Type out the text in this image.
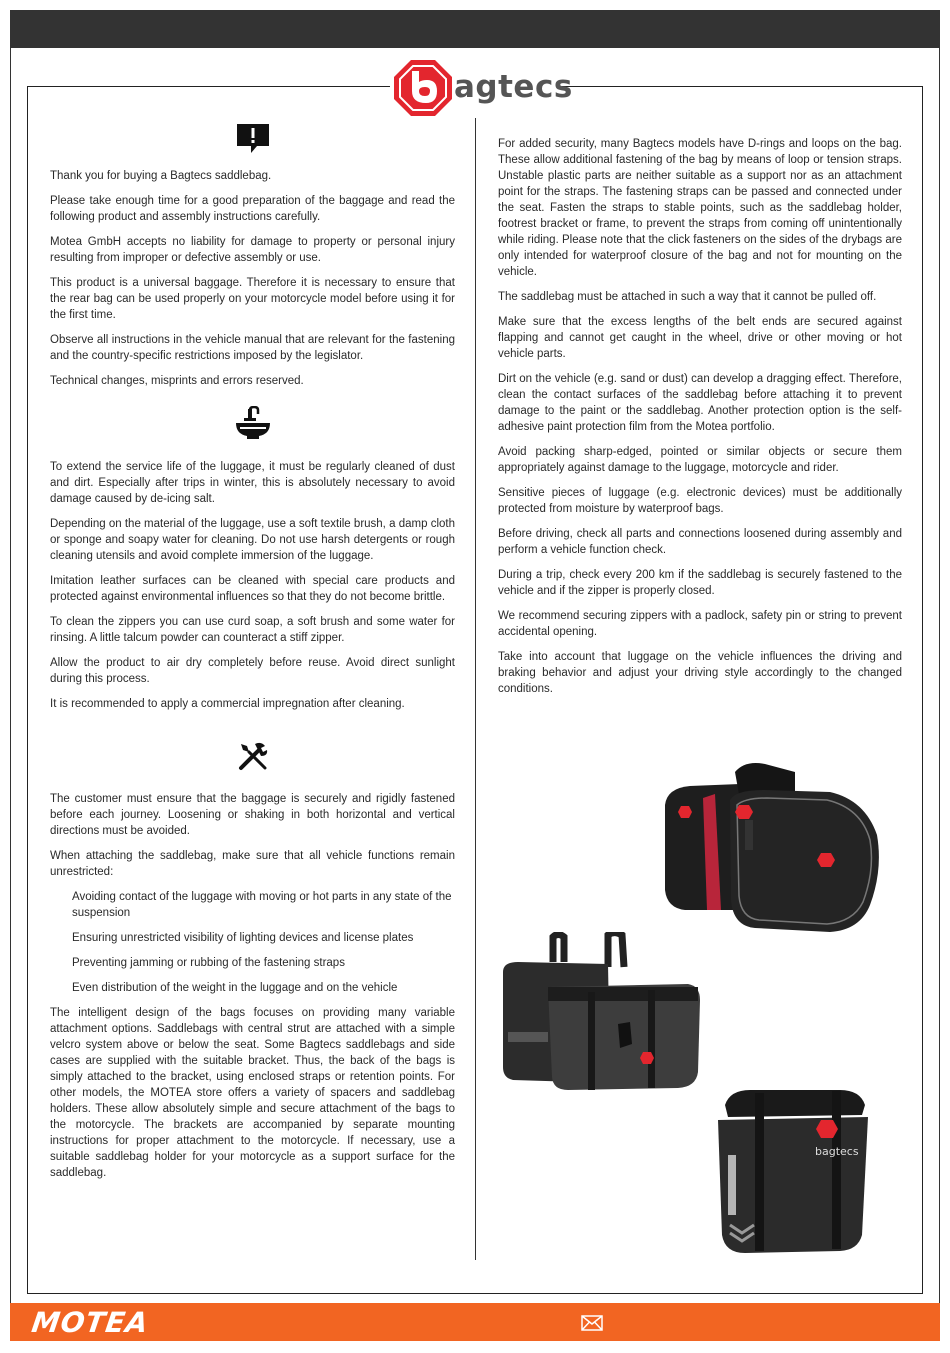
agtecs

Thank you for buying a Bagtecs saddlebag.

Please take enough time for a good preparation of the baggage and read the following product and assembly instructions carefully.

Motea GmbH accepts no liability for damage to property or personal injury resulting from improper or defective assembly or use.

This product is a universal baggage. Therefore it is necessary to ensure that the rear bag can be used properly on your motorcycle model before using it for the first time.

Observe all instructions in the vehicle manual that are relevant for the fastening and the country-specific restrictions imposed by the legislator.

Technical changes, misprints and errors reserved.

To extend the service life of the luggage, it must be regularly cleaned of dust and dirt. Especially after trips in winter, this is absolutely necessary to avoid damage caused by de-icing salt.

Depending on the material of the luggage, use a soft textile brush, a damp cloth or sponge and soapy water for cleaning. Do not use harsh detergents or rough cleaning utensils and avoid complete immersion of the luggage.

Imitation leather surfaces can be cleaned with special care products and protected against environmental influences so that they do not become brittle.

To clean the zippers you can use curd soap, a soft brush and some water for rinsing. A little talcum powder can counteract a stiff zipper.

Allow the product to air dry completely before reuse. Avoid direct sunlight during this process.

It is recommended to apply a commercial impregnation after cleaning.

The customer must ensure that the baggage is securely and rigidly fastened before each journey. Loosening or shaking in both horizontal and vertical directions must be avoided.

When attaching the saddlebag, make sure that all vehicle functions remain unrestricted:

Avoiding contact of the luggage with moving or hot parts in any state of the suspension
Ensuring unrestricted visibility of lighting devices and license plates
Preventing jamming or rubbing of the fastening straps
Even distribution of the weight in the luggage and on the vehicle

The intelligent design of the bags focuses on providing many variable attachment options. Saddlebags with central strut are attached with a simple velcro system above or below the seat. Some Bagtecs saddlebags and side cases are supplied with the suitable bracket. Thus, the back of the bags is simply attached to the bracket, using enclosed straps or retention points. For other models, the MOTEA store offers a variety of spacers and saddlebag holders. These allow absolutely simple and secure attachment of the bags to the motorcycle. The brackets are accompanied by separate mounting instructions for proper attachment to the motorcycle. If necessary, use a suitable saddlebag holder for your motorcycle as a support surface for the saddlebag.

For added security, many Bagtecs models have D-rings and loops on the bag. These allow additional fastening of the bag by means of loop or tension straps. Unstable plastic parts are neither suitable as a support nor as an attachment point for the straps. The fastening straps can be passed and connected under the seat. Fasten the straps to stable points, such as the saddlebag holder, footrest bracket or frame, to prevent the straps from coming off unintentionally while riding. Please note that the click fasteners on the sides of the drybags are only intended for waterproof closure of the bag and not for mounting on the vehicle.

The saddlebag must be attached in such a way that it cannot be pulled off.

Make sure that the excess lengths of the belt ends are secured against flapping and cannot get caught in the wheel, drive or other moving or hot vehicle parts.

Dirt on the vehicle (e.g. sand or dust) can develop a dragging effect. Therefore, clean the contact surfaces of the saddlebag before attaching it to prevent damage to the paint or the saddlebag. Another protection option is the self-adhesive paint protection film from the Motea portfolio.

Avoid packing sharp-edged, pointed or similar objects or secure them appropriately against damage to the luggage, motorcycle and rider.

Sensitive pieces of luggage (e.g. electronic devices) must be additionally protected from moisture by waterproof bags.

Before driving, check all parts and connections loosened during assembly and perform a vehicle function check.

During a trip, check every 200 km if the saddlebag is securely fastened to the vehicle and if the zipper is properly closed.

We recommend securing zippers with a padlock, safety pin or string to prevent accidental opening.

Take into account that luggage on the vehicle influences the driving and braking behavior and adjust your driving style accordingly to the changed conditions.

bagtecs
MOTEA
